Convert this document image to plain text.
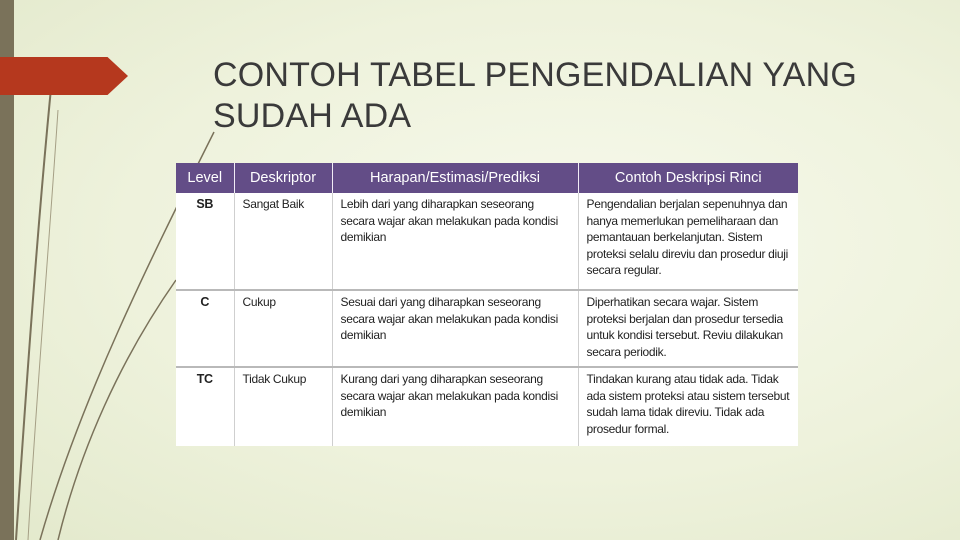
CONTOH TABEL PENGENDALIAN YANG SUDAH ADA
Level	Deskriptor	Harapan/Estimasi/Prediksi	Contoh Deskripsi Rinci
SB	Sangat Baik	Lebih dari yang diharapkan seseorang secara wajar akan melakukan pada kondisi demikian	Pengendalian berjalan sepenuhnya dan hanya memerlukan pemeliharaan dan pemantauan berkelanjutan. Sistem proteksi selalu direviu dan prosedur diuji secara regular.
C	Cukup	Sesuai dari yang diharapkan seseorang secara wajar akan melakukan pada kondisi demikian	Diperhatikan secara wajar. Sistem proteksi berjalan dan prosedur tersedia untuk kondisi tersebut. Reviu dilakukan secara periodik.
TC	Tidak Cukup	Kurang dari yang diharapkan seseorang secara wajar akan melakukan pada kondisi demikian	Tindakan kurang atau tidak ada. Tidak ada sistem proteksi atau sistem tersebut sudah lama tidak direviu. Tidak ada prosedur formal.
